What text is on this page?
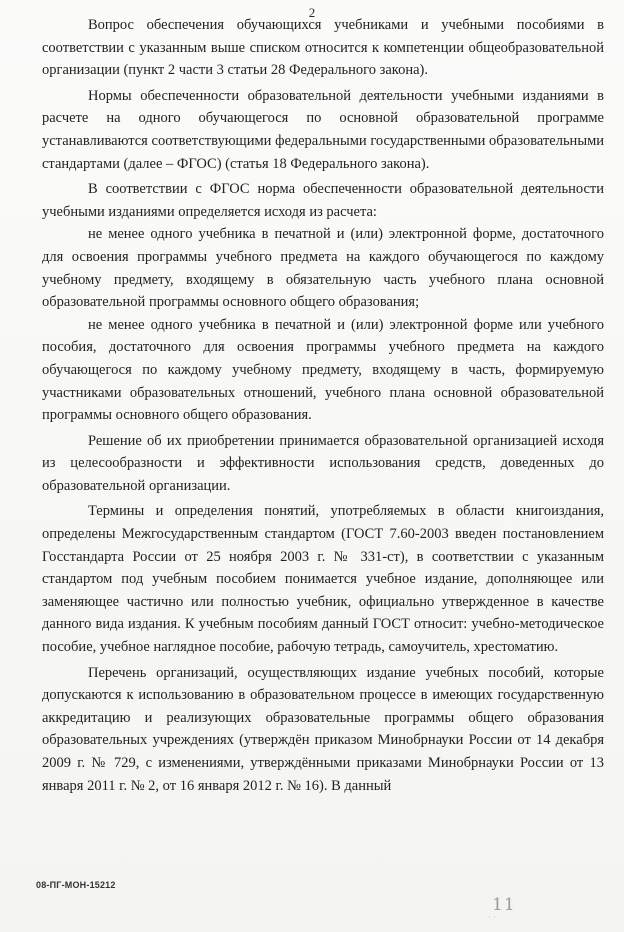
2

Вопрос обеспечения обучающихся учебниками и учебными пособиями в соответствии с указанным выше списком относится к компетенции общеобразовательной организации (пункт 2 части 3 статьи 28 Федерального закона).

Нормы обеспеченности образовательной деятельности учебными изданиями в расчете на одного обучающегося по основной образовательной программе устанавливаются соответствующими федеральными государственными образовательными стандартами (далее – ФГОС) (статья 18 Федерального закона).

В соответствии с ФГОС норма обеспеченности образовательной деятельности учебными изданиями определяется исходя из расчета:

не менее одного учебника в печатной и (или) электронной форме, достаточного для освоения программы учебного предмета на каждого обучающегося по каждому учебному предмету, входящему в обязательную часть учебного плана основной образовательной программы основного общего образования;

не менее одного учебника в печатной и (или) электронной форме или учебного пособия, достаточного для освоения программы учебного предмета на каждого обучающегося по каждому учебному предмету, входящему в часть, формируемую участниками образовательных отношений, учебного плана основной образовательной программы основного общего образования.

Решение об их приобретении принимается образовательной организацией исходя из целесообразности и эффективности использования средств, доведенных до образовательной организации.

Термины и определения понятий, употребляемых в области книгоиздания, определены Межгосударственным стандартом (ГОСТ 7.60-2003 введен постановлением Госстандарта России от 25 ноября 2003 г. № 331-ст), в соответствии с указанным стандартом под учебным пособием понимается учебное издание, дополняющее или заменяющее частично или полностью учебник, официально утвержденное в качестве данного вида издания. К учебным пособиям данный ГОСТ относит: учебно-методическое пособие, учебное наглядное пособие, рабочую тетрадь, самоучитель, хрестоматию.

Перечень организаций, осуществляющих издание учебных пособий, которые допускаются к использованию в образовательном процессе в имеющих государственную аккредитацию и реализующих образовательные программы общего образования образовательных учреждениях (утверждён приказом Минобрнауки России от 14 декабря 2009 г. № 729, с изменениями, утверждёнными приказами Минобрнауки России от 13 января 2011 г. № 2, от 16 января 2012 г. № 16). В данный

08-ПГ-МОН-15212
11
· ·
